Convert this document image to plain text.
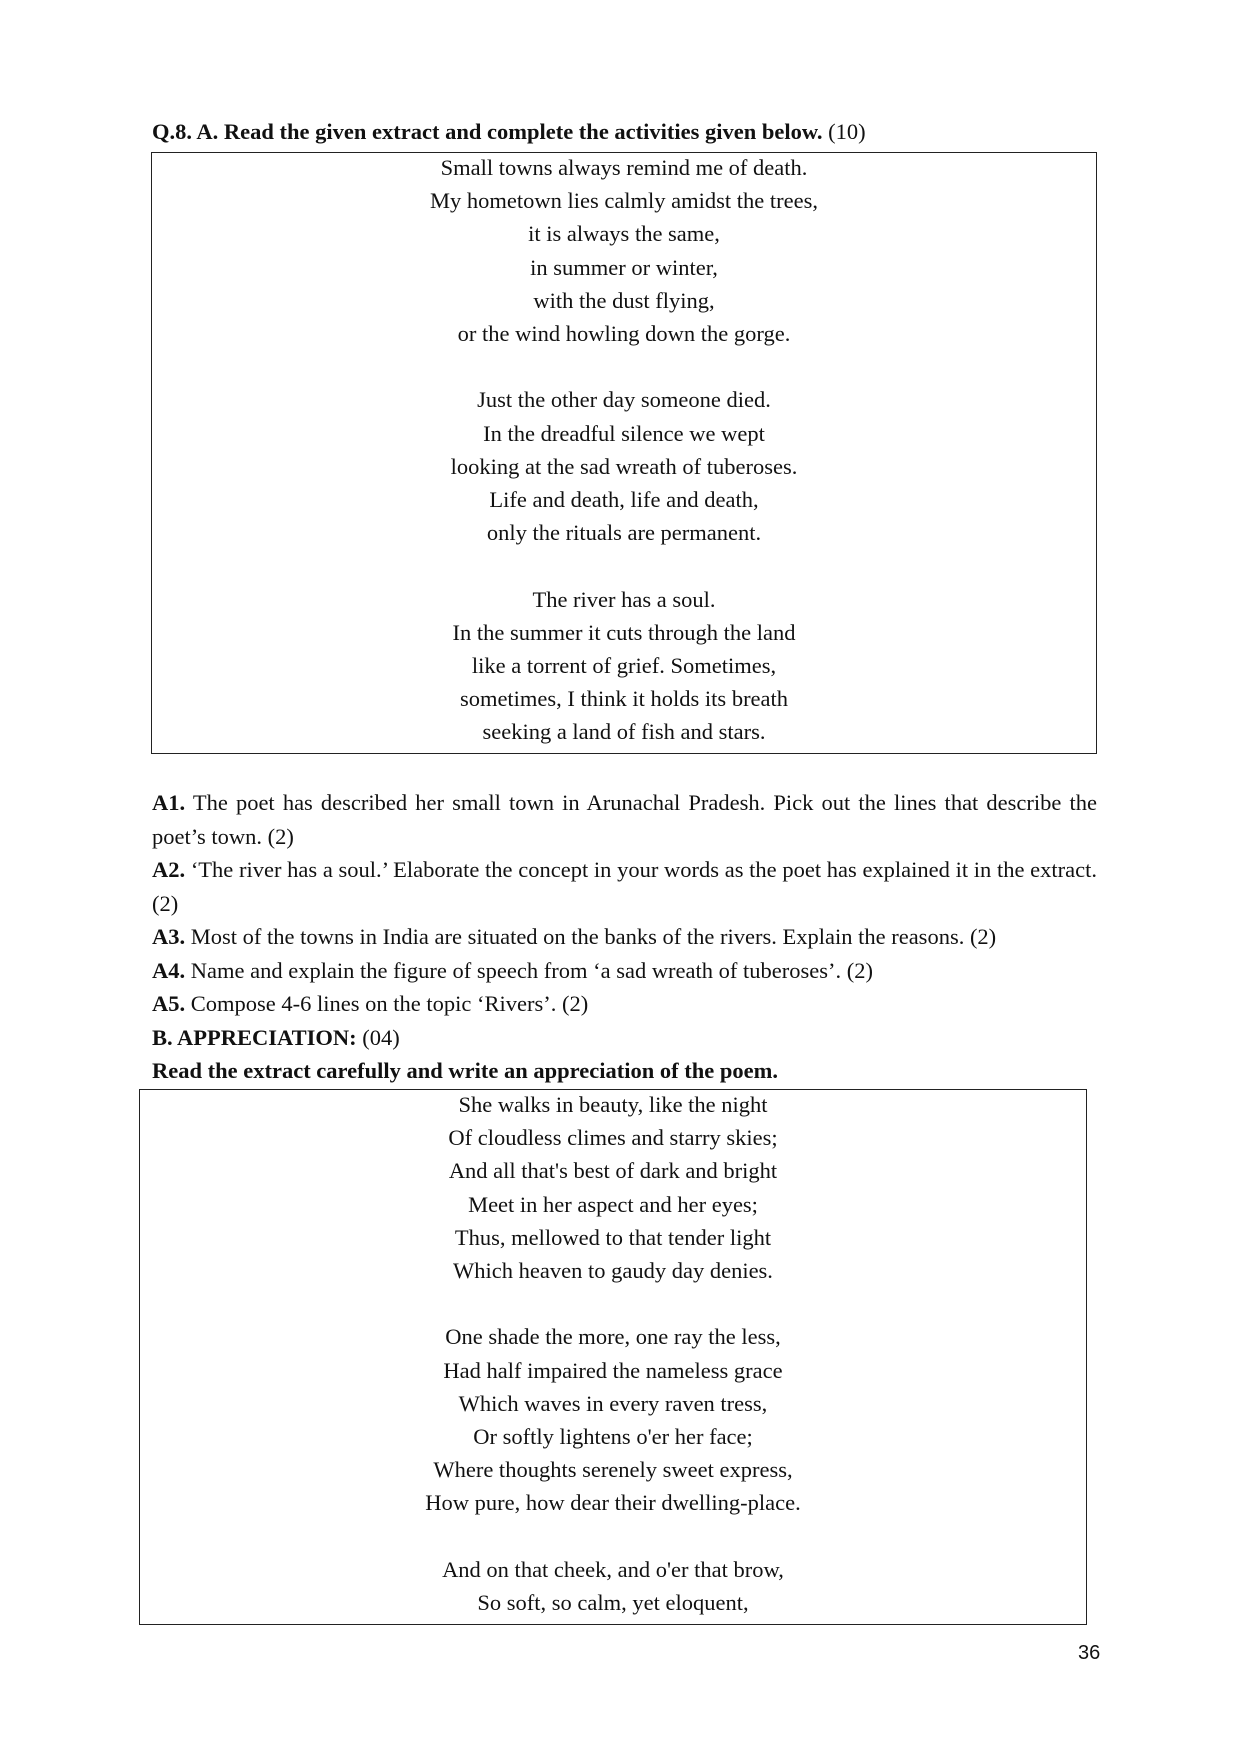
Q.8. A. Read the given extract and complete the activities given below. (10)
Small towns always remind me of death.
My hometown lies calmly amidst the trees,
it is always the same,
in summer or winter,
with the dust flying,
or the wind howling down the gorge.
Just the other day someone died.
In the dreadful silence we wept
looking at the sad wreath of tuberoses.
Life and death, life and death,
only the rituals are permanent.
The river has a soul.
In the summer it cuts through the land
like a torrent of grief. Sometimes,
sometimes, I think it holds its breath
seeking a land of fish and stars.

A1. The poet has described her small town in Arunachal Pradesh. Pick out the lines that describe the poet’s town. (2)

A2. ‘The river has a soul.’ Elaborate the concept in your words as the poet has explained it in the extract. (2)

A3. Most of the towns in India are situated on the banks of the rivers. Explain the reasons. (2)

A4. Name and explain the figure of speech from ‘a sad wreath of tuberoses’. (2)

A5. Compose 4-6 lines on the topic ‘Rivers’. (2)

B. APPRECIATION: (04)

Read the extract carefully and write an appreciation of the poem.

She walks in beauty, like the night
Of cloudless climes and starry skies;
And all that's best of dark and bright
Meet in her aspect and her eyes;
Thus, mellowed to that tender light
Which heaven to gaudy day denies.
One shade the more, one ray the less,
Had half impaired the nameless grace
Which waves in every raven tress,
Or softly lightens o'er her face;
Where thoughts serenely sweet express,
How pure, how dear their dwelling-place.
And on that cheek, and o'er that brow,
So soft, so calm, yet eloquent,
36
